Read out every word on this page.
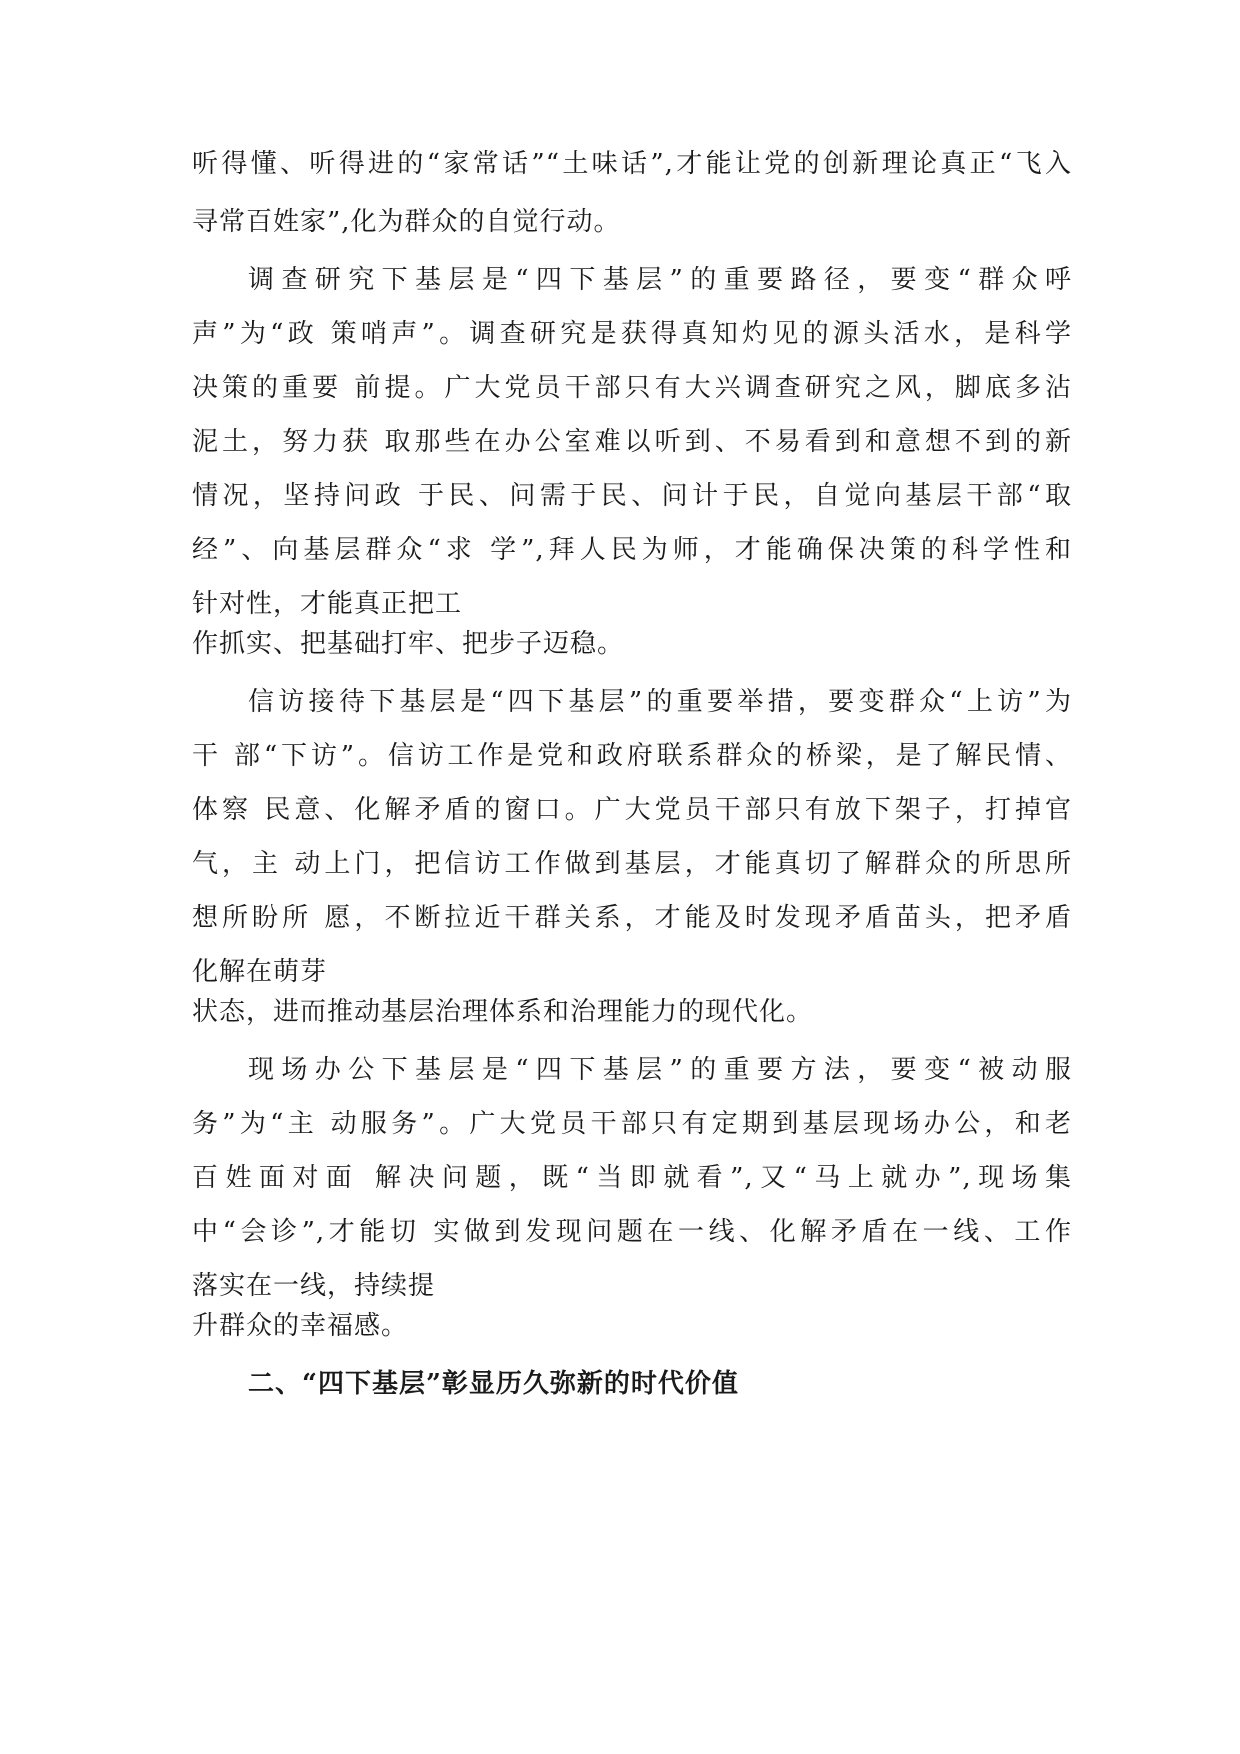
听得懂、听得进的“家常话”“土味话”,才能让党的创新理论真正“飞入
寻常百姓家”,化为群众的自觉行动。
调查研究下基层是“四下基层”的重要路径，要变“群众呼
声”为“政 策哨声”。调查研究是获得真知灼见的源头活水，是科学
决策的重要 前提。广大党员干部只有大兴调查研究之风，脚底多沾
泥土，努力获 取那些在办公室难以听到、不易看到和意想不到的新
情况，坚持问政 于民、问需于民、问计于民，自觉向基层干部“取
经”、向基层群众“求 学”,拜人民为师，才能确保决策的科学性和
针对性，才能真正把工
作抓实、把基础打牢、把步子迈稳。
信访接待下基层是“四下基层”的重要举措，要变群众“上访”为
干 部“下访”。信访工作是党和政府联系群众的桥梁，是了解民情、
体察 民意、化解矛盾的窗口。广大党员干部只有放下架子，打掉官
气，主 动上门，把信访工作做到基层，才能真切了解群众的所思所
想所盼所 愿，不断拉近干群关系，才能及时发现矛盾苗头，把矛盾
化解在萌芽
状态，进而推动基层治理体系和治理能力的现代化。
现场办公下基层是“四下基层”的重要方法，要变“被动服
务”为“主 动服务”。广大党员干部只有定期到基层现场办公，和老
百姓面对面 解决问题，既“当即就看”,又“马上就办”,现场集
中“会诊”,才能切 实做到发现问题在一线、化解矛盾在一线、工作
落实在一线，持续提
升群众的幸福感。
二、“四下基层”彰显历久弥新的时代价值
